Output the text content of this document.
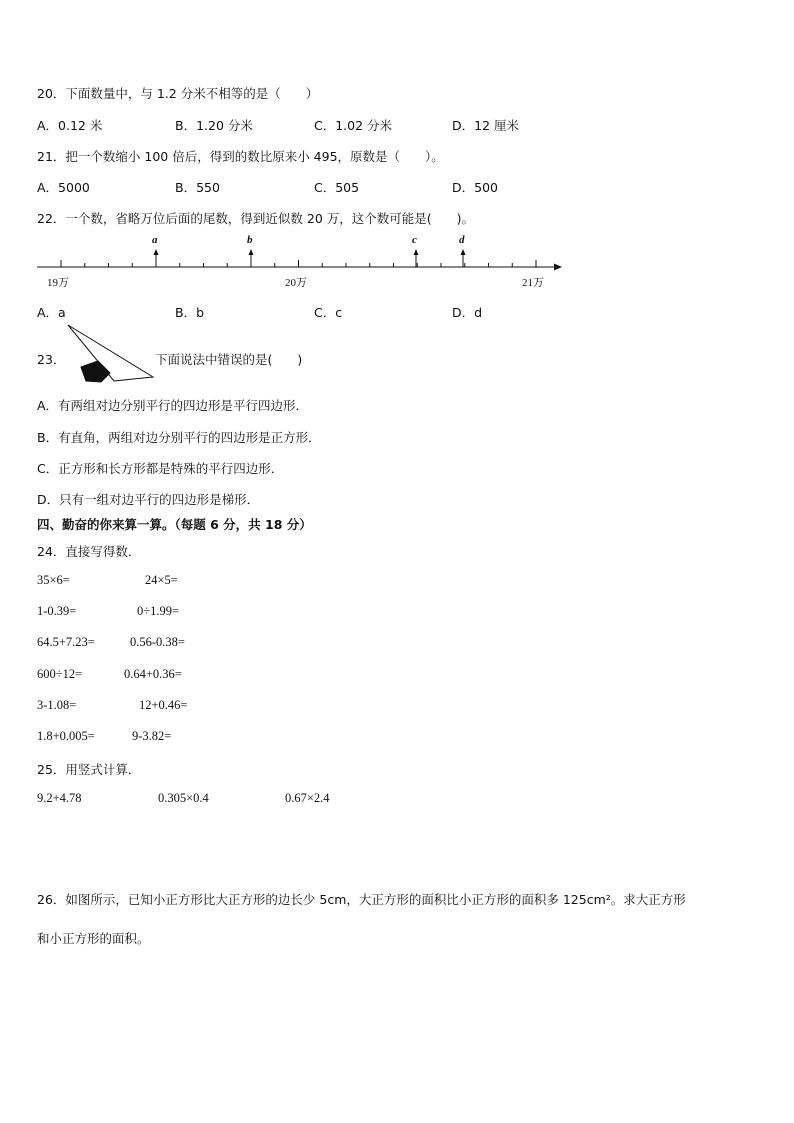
20．下面数量中，与 1.2 分米不相等的是（　　）
A．0.12 米	B．1.20 分米	C．1.02 分米	D．12 厘米
21．把一个数缩小 100 倍后，得到的数比原来小 495，原数是（　　）。
A．5000	B．550	C．505	D．500
22．一个数，省略万位后面的尾数，得到近似数 20 万，这个数可能是(　　)。
19万	20万	21万
a	b	c	d
A．a	B．b	C．c	D．d
23．	下面说法中错误的是(　　)
A．有两组对边分别平行的四边形是平行四边形．
B．有直角，两组对边分别平行的四边形是正方形．
C．正方形和长方形都是特殊的平行四边形．
D．只有一组对边平行的四边形是梯形．
四、勤奋的你来算一算。（每题 6 分，共 18 分）
24．直接写得数．
35×6=	24×5=
1-0.39=	0÷1.99=
64.5+7.23=	0.56-0.38=
600÷12=	0.64+0.36=
3-1.08=	12+0.46=
1.8+0.005=	9-3.82=
25．用竖式计算．
9.2+4.78	0.305×0.4	0.67×2.4
26．如图所示，已知小正方形比大正方形的边长少 5cm，大正方形的面积比小正方形的面积多 125cm²。求大正方形
和小正方形的面积。
